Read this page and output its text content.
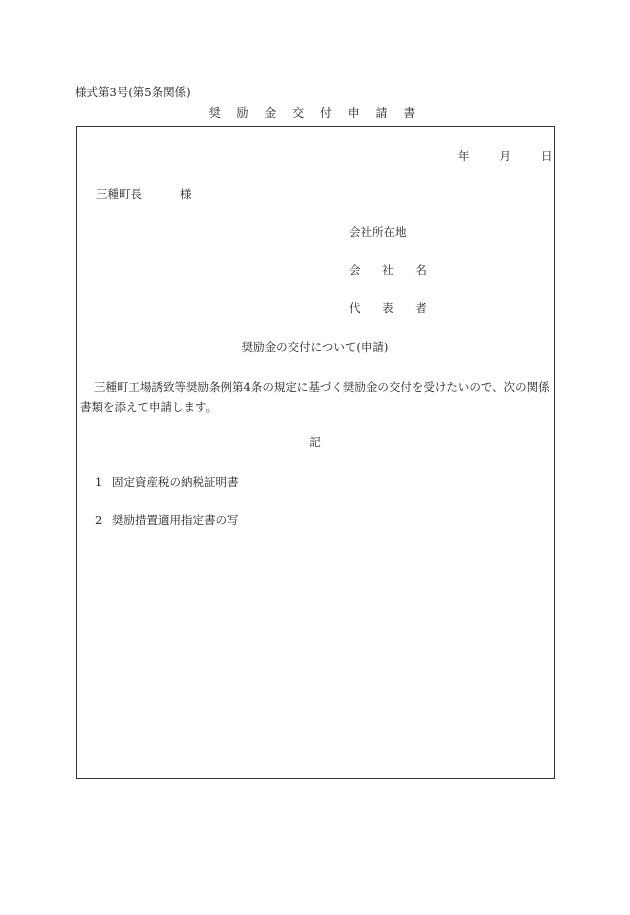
様式第3号(第5条関係)
奨 励 金 交 付 申 請 書
年	月	日
三種町長	様
会社所在地
会 社 名
代 表 者
奨励金の交付について(申請)
三種町工場誘致等奨励条例第4条の規定に基づく奨励金の交付を受けたいので、次の関係書類を添えて申請します。
記
1 固定資産税の納税証明書
2 奨励措置適用指定書の写
